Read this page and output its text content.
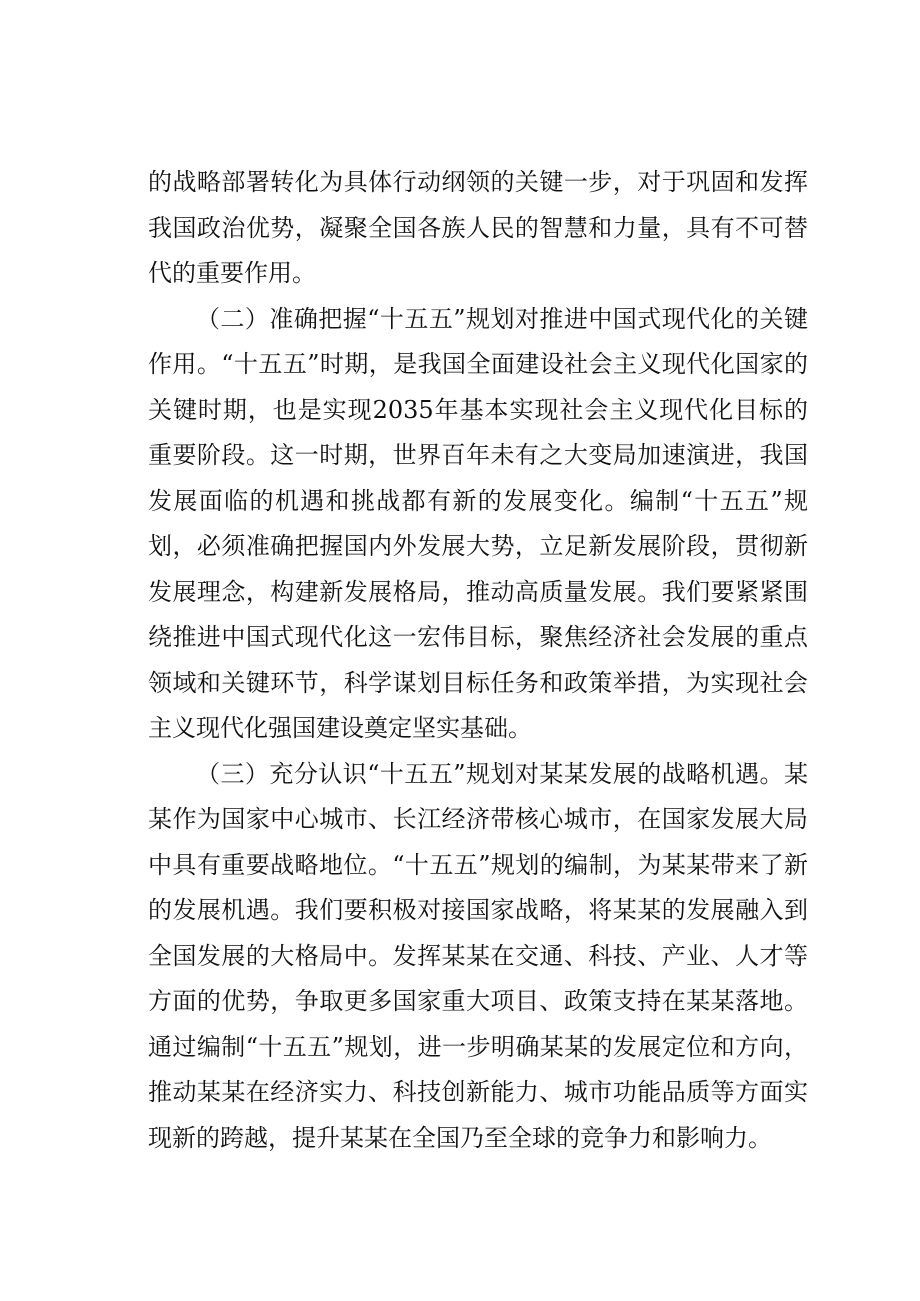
的战略部署转化为具体行动纲领的关键一步，对于巩固和发挥我国政治优势，凝聚全国各族人民的智慧和力量，具有不可替代的重要作用。

（二）准确把握“十五五”规划对推进中国式现代化的关键作用。“十五五”时期，是我国全面建设社会主义现代化国家的关键时期，也是实现2035年基本实现社会主义现代化目标的重要阶段。这一时期，世界百年未有之大变局加速演进，我国发展面临的机遇和挑战都有新的发展变化。编制“十五五”规划，必须准确把握国内外发展大势，立足新发展阶段，贯彻新发展理念，构建新发展格局，推动高质量发展。我们要紧紧围绕推进中国式现代化这一宏伟目标，聚焦经济社会发展的重点领域和关键环节，科学谋划目标任务和政策举措，为实现社会主义现代化强国建设奠定坚实基础。

（三）充分认识“十五五”规划对某某发展的战略机遇。某某作为国家中心城市、长江经济带核心城市，在国家发展大局中具有重要战略地位。“十五五”规划的编制，为某某带来了新的发展机遇。我们要积极对接国家战略，将某某的发展融入到全国发展的大格局中。发挥某某在交通、科技、产业、人才等方面的优势，争取更多国家重大项目、政策支持在某某落地。通过编制“十五五”规划，进一步明确某某的发展定位和方向，推动某某在经济实力、科技创新能力、城市功能品质等方面实现新的跨越，提升某某在全国乃至全球的竞争力和影响力。
